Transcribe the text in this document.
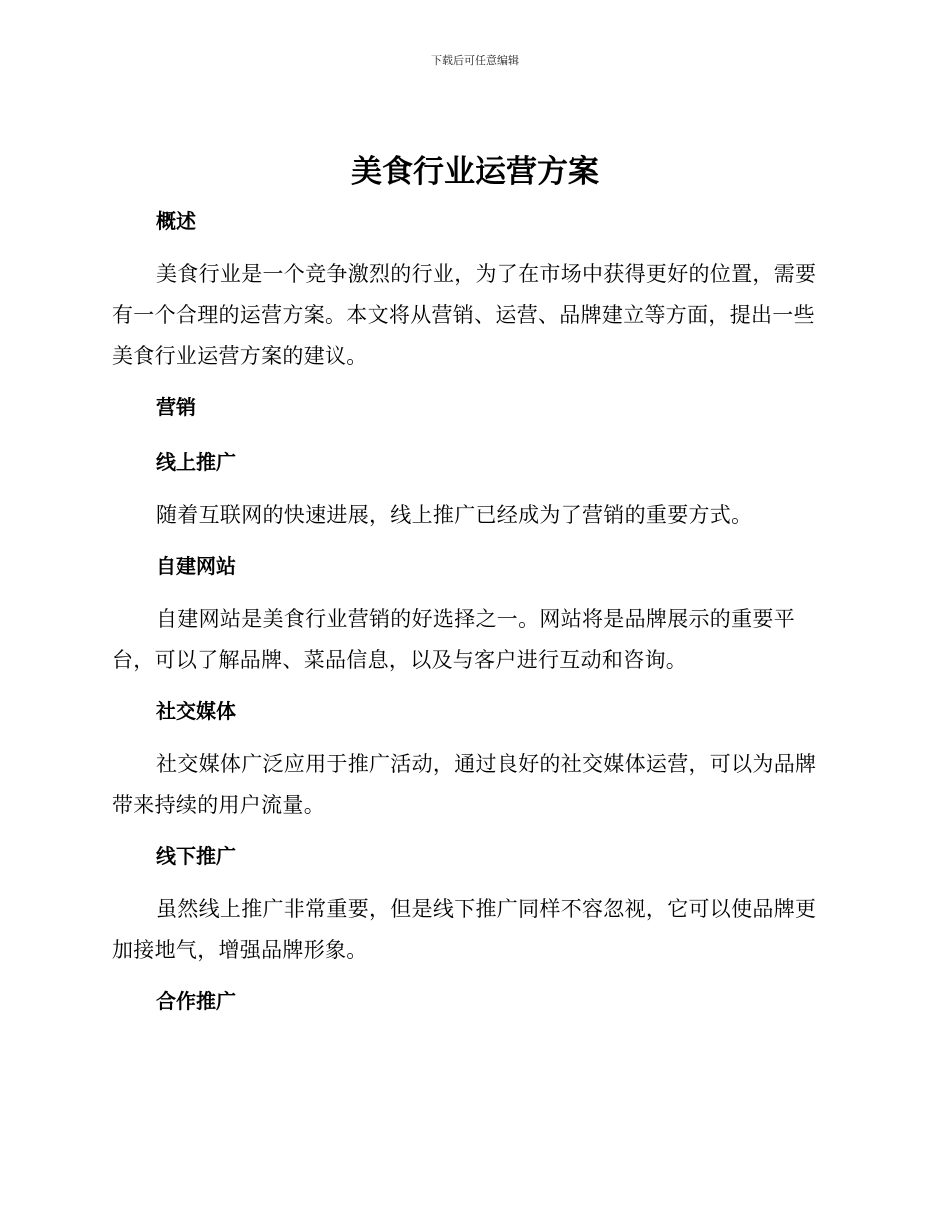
下载后可任意编辑
美食行业运营方案
概述

美食行业是一个竞争激烈的行业，为了在市场中获得更好的位置，需要有一个合理的运营方案。本文将从营销、运营、品牌建立等方面，提出一些美食行业运营方案的建议。

营销
线上推广

随着互联网的快速进展，线上推广已经成为了营销的重要方式。

自建网站

自建网站是美食行业营销的好选择之一。网站将是品牌展示的重要平台，可以了解品牌、菜品信息，以及与客户进行互动和咨询。

社交媒体

社交媒体广泛应用于推广活动，通过良好的社交媒体运营，可以为品牌带来持续的用户流量。

线下推广

虽然线上推广非常重要，但是线下推广同样不容忽视，它可以使品牌更加接地气，增强品牌形象。

合作推广
